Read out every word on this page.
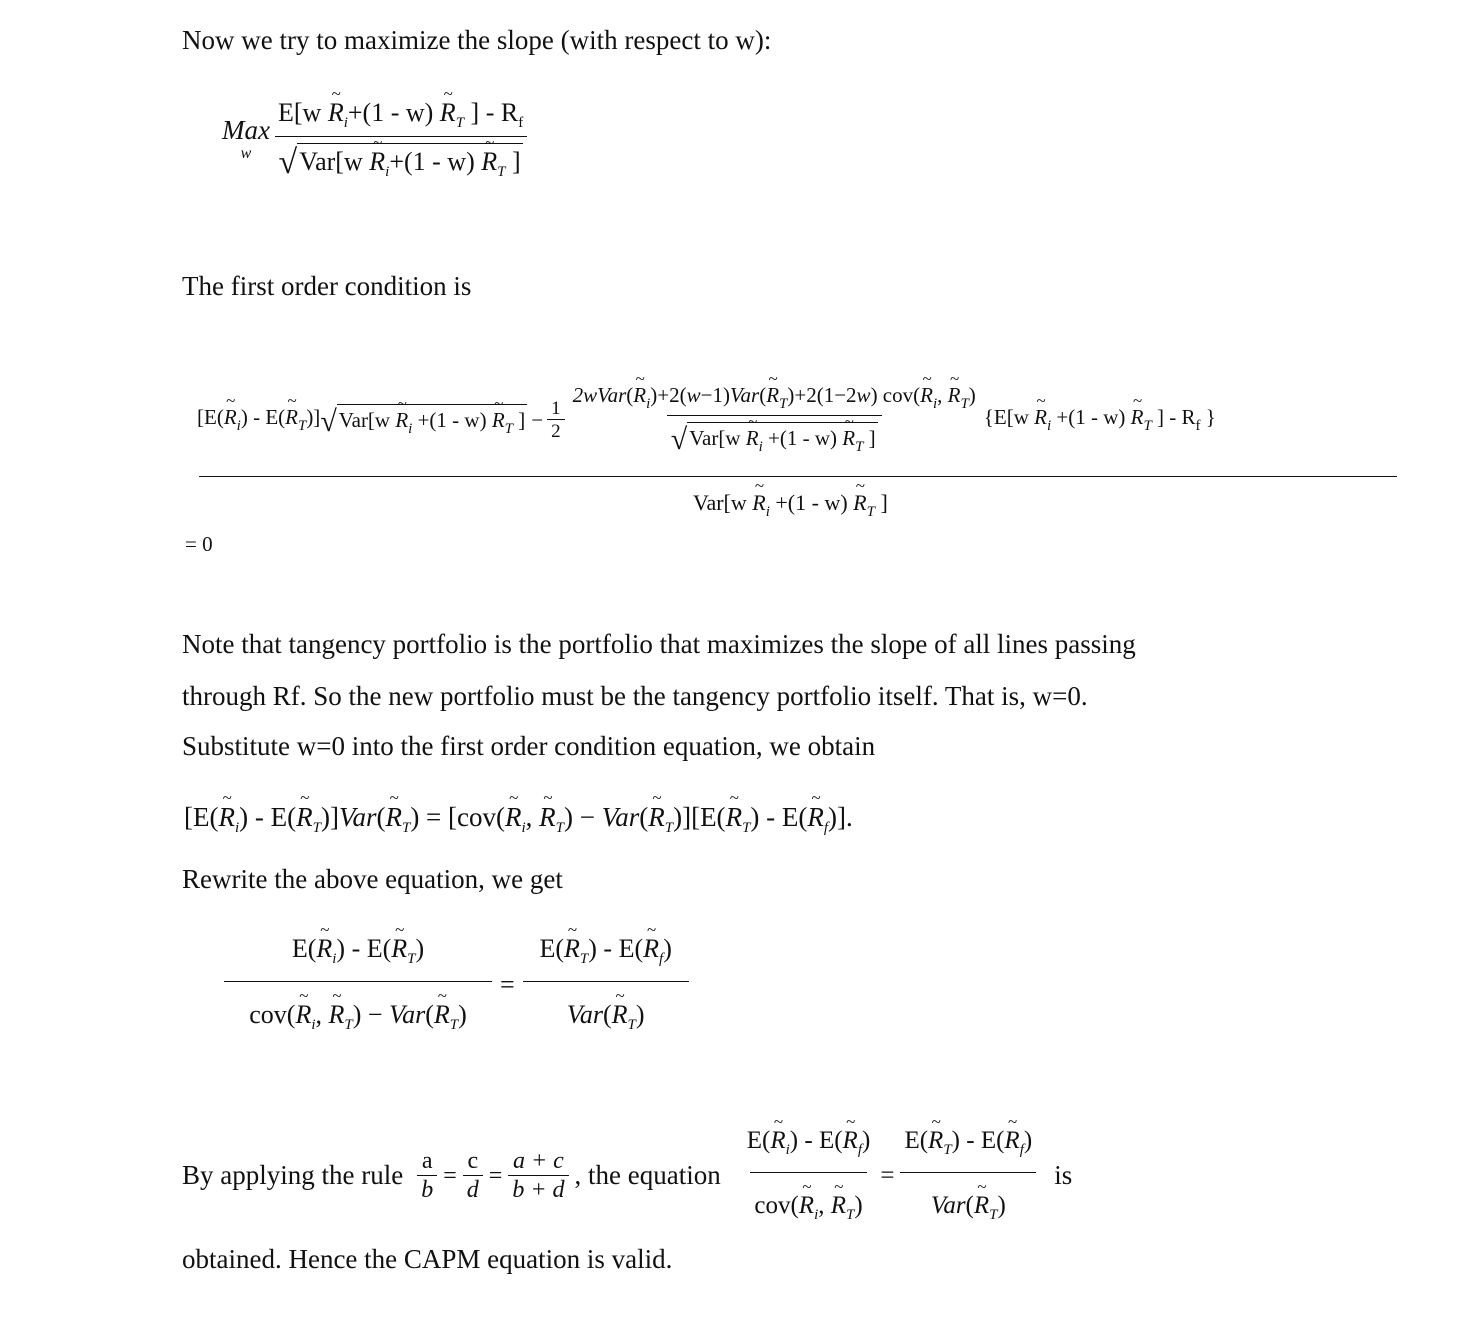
Now we try to maximize the slope (with respect to w):
Max
w E[w
~
$R_i+(1 - w)$
~
$R_T$ ] - $R_f$
√ Var[w
~
$R_i+(1 - w)$
~
$R_T$ ]
The first order condition is
[E(
~
$R_i) - E$(
~
$R_T$)] √ Var[w
~
$R_i +(1 - w)$
~
$R_T$ ] − $\frac{1}{2}$ 2wVar(
~
$R_i)+2(w-1)Var$(
~
$R_T)+2(1-2w)$ cov(
~
$R_i$,
~
$R_T$)
√ Var[w
~
$R_i +(1 - w)$
~
$R_T$ ] {E[w
~
$R_i +(1 - w)$
~
$R_T$ ] - $R_f$ }
Var[w
~
$R_i +(1 - w)$
~
$R_T$ ]
= 0
Note that tangency portfolio is the portfolio that maximizes the slope of all lines passing
through Rf. So the new portfolio must be the tangency portfolio itself. That is, w=0.
Substitute w=0 into the first order condition equation, we obtain
[E(
~
$R_i) - E$(
~
$R_T)]Var$(
~
$R_T) = [cov$(
~
$R_i$,
~
$R_T) - Var$(
~
$R_T)][E$(
~
$R_T) - E$(
~
$R_f$)].
Rewrite the above equation, we get
E(
~
$R_i) - E$(
~
$R_T$)
cov(
~
$R_i$,
~
$R_T) - Var$(
~
$R_T) = E$(
~
$R_T) - E$(
~
$R_f$)
Var(
~
$R_T$)
By applying the rule $\frac{a}{b} = \frac{c}{d} = \frac{a + c}{b + d}$ , the equation E(
~
$R_i) - E$(
~
$R_f$)
cov(
~
$R_i$,
~
$R_T) = E$(
~
$R_T) - E$(
~
$R_f$)
Var(
~
$R_T$) is
obtained. Hence the CAPM equation is valid.
